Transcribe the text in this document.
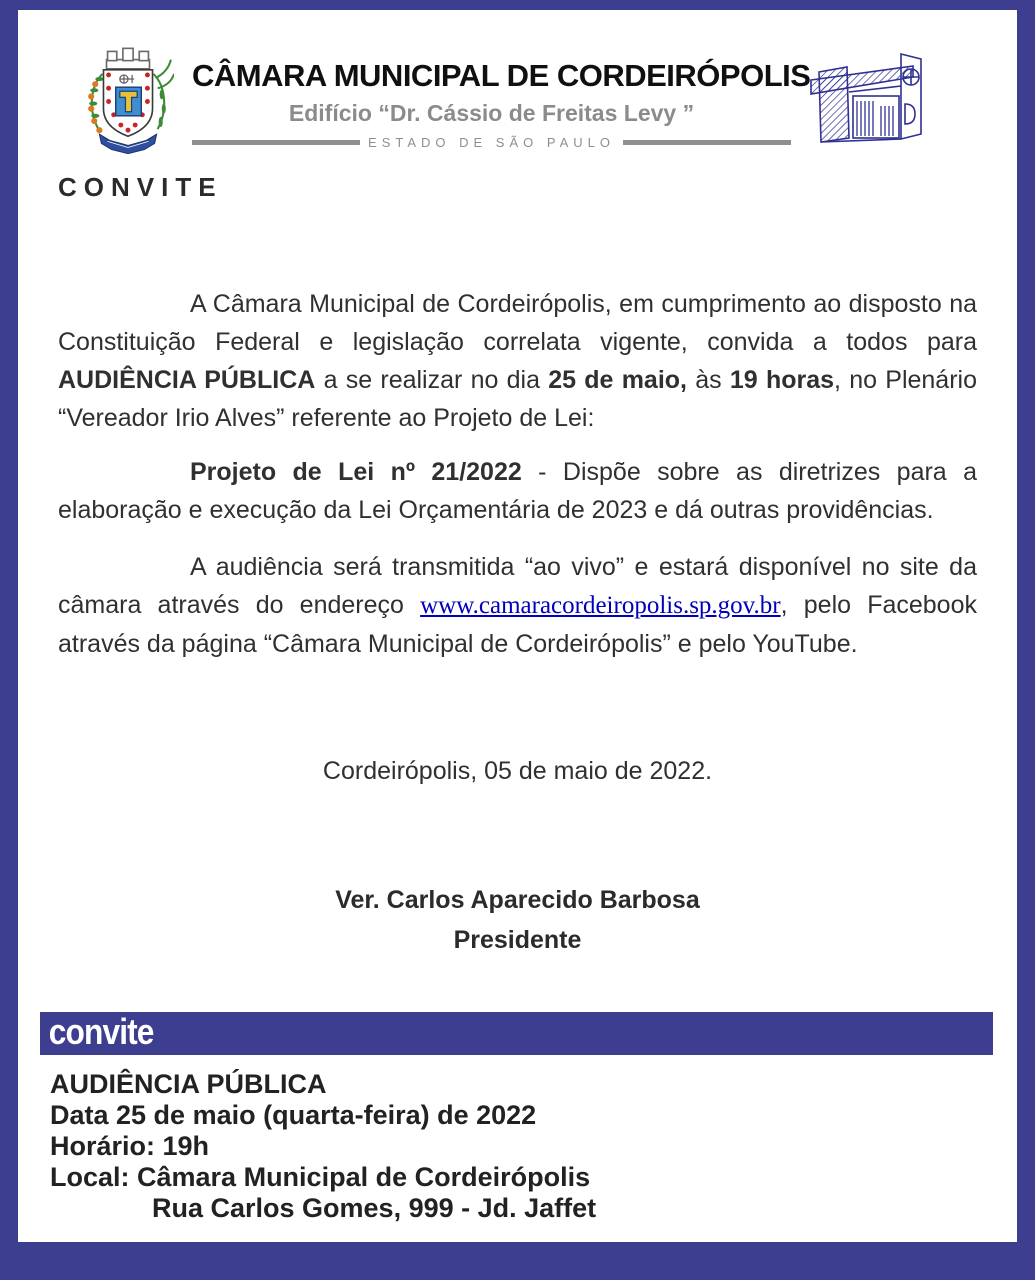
CÂMARA MUNICIPAL DE CORDEIRÓPOLIS
Edifício “Dr. Cássio de Freitas Levy ”
ESTADO DE SÃO PAULO
CONVITE

A Câmara Municipal de Cordeirópolis, em cumprimento ao disposto na Constituição Federal e legislação correlata vigente, convida a todos para AUDIÊNCIA PÚBLICA a se realizar no dia 25 de maio, às 19 horas, no Plenário “Vereador Irio Alves” referente ao Projeto de Lei:

Projeto de Lei nº 21/2022 - Dispõe sobre as diretrizes para a elaboração e execução da Lei Orçamentária de 2023 e dá outras providências.

A audiência será transmitida “ao vivo” e estará disponível no site da câmara através do endereço www.camaracordeiropolis.sp.gov.br, pelo Facebook através da página “Câmara Municipal de Cordeirópolis” e pelo YouTube.

Cordeirópolis, 05 de maio de 2022.
Ver. Carlos Aparecido Barbosa
Presidente
convite
AUDIÊNCIA PÚBLICA
Data 25 de maio (quarta-feira) de 2022
Horário: 19h
Local: Câmara Municipal de Cordeirópolis
Rua Carlos Gomes, 999 - Jd. Jaffet
